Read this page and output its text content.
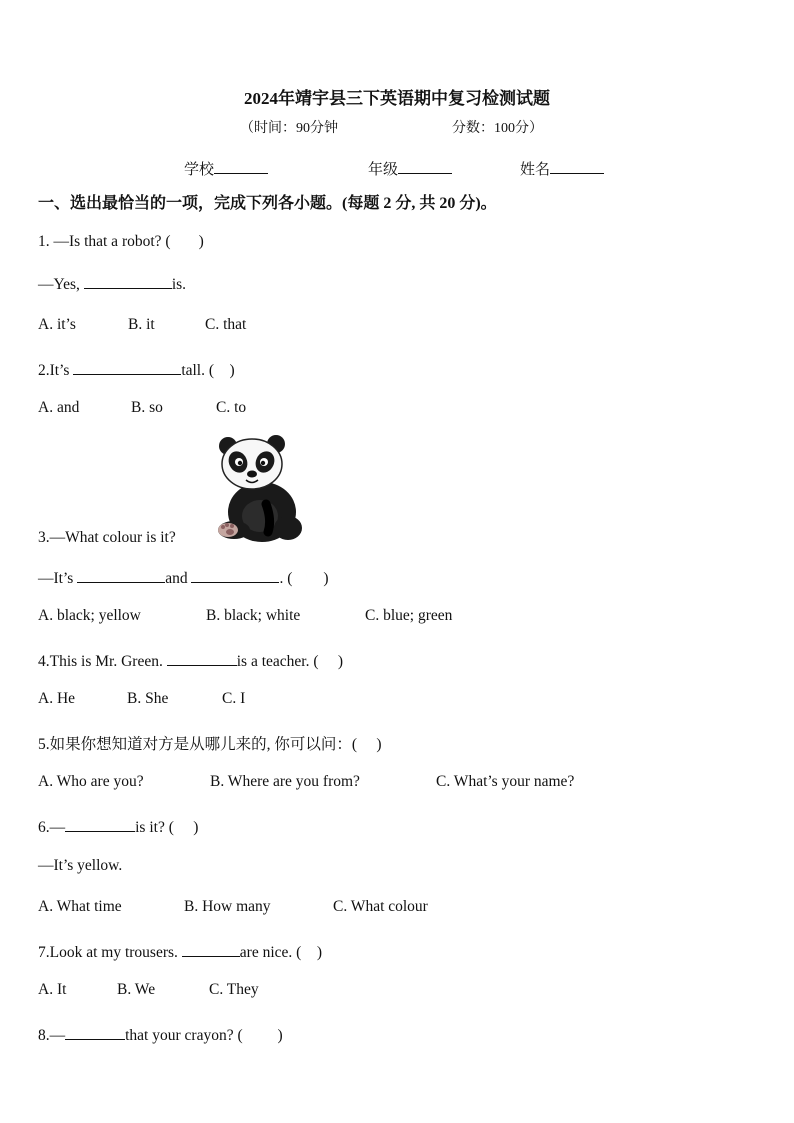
2024年靖宇县三下英语期中复习检测试题
（时间：90分钟	分数：100分）
学校	年级	姓名
一、选出最恰当的一项，完成下列各小题。(每题 2 分, 共 20 分)。
1. —Is that a robot? ( )
—Yes,	is.
A. it’s	B. it	C. that
2.It’s	tall. (　)
A. and	B. so	C. to
3.—What colour is it?
—It’s	and	. (　　)
A. black; yellow	B. black; white	C. blue; green
4.This is Mr. Green.	is a teacher. (　 )
A. He	B. She	C. I
5.如果你想知道对方是从哪儿来的, 你可以问：(　 )
A. Who are you?	B. Where are you from?	C. What’s your name?
6.—	is it? (　 )
—It’s yellow.
A. What time	B. How many	C. What colour
7.Look at my trousers.	are nice. (　)
A. It	B. We	C. They
8.—	that your crayon? (　　 )
